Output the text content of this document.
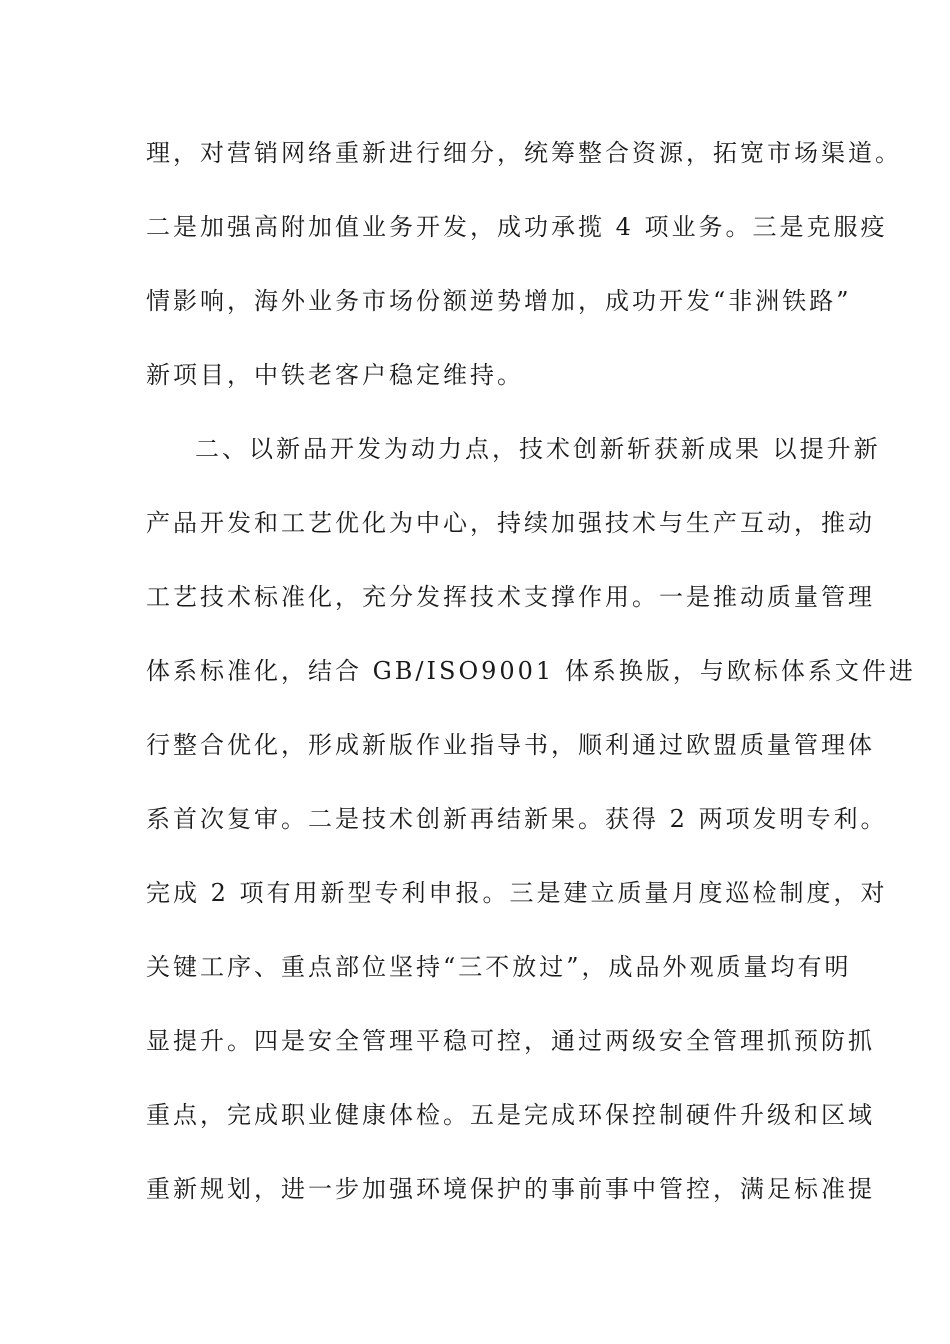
理，对营销网络重新进行细分，统筹整合资源，拓宽市场渠道。
二是加强高附加值业务开发，成功承揽 4 项业务。三是克服疫
情影响，海外业务市场份额逆势增加，成功开发“非洲铁路”
新项目，中铁老客户稳定维持。
二、以新品开发为动力点，技术创新斩获新成果 以提升新
产品开发和工艺优化为中心，持续加强技术与生产互动，推动
工艺技术标准化，充分发挥技术支撑作用。一是推动质量管理
体系标准化，结合 GB/ISO9001 体系换版，与欧标体系文件进
行整合优化，形成新版作业指导书，顺利通过欧盟质量管理体
系首次复审。二是技术创新再结新果。获得 2 两项发明专利。
完成 2 项有用新型专利申报。三是建立质量月度巡检制度，对
关键工序、重点部位坚持“三不放过”，成品外观质量均有明
显提升。四是安全管理平稳可控，通过两级安全管理抓预防抓
重点，完成职业健康体检。五是完成环保控制硬件升级和区域
重新规划，进一步加强环境保护的事前事中管控，满足标准提
